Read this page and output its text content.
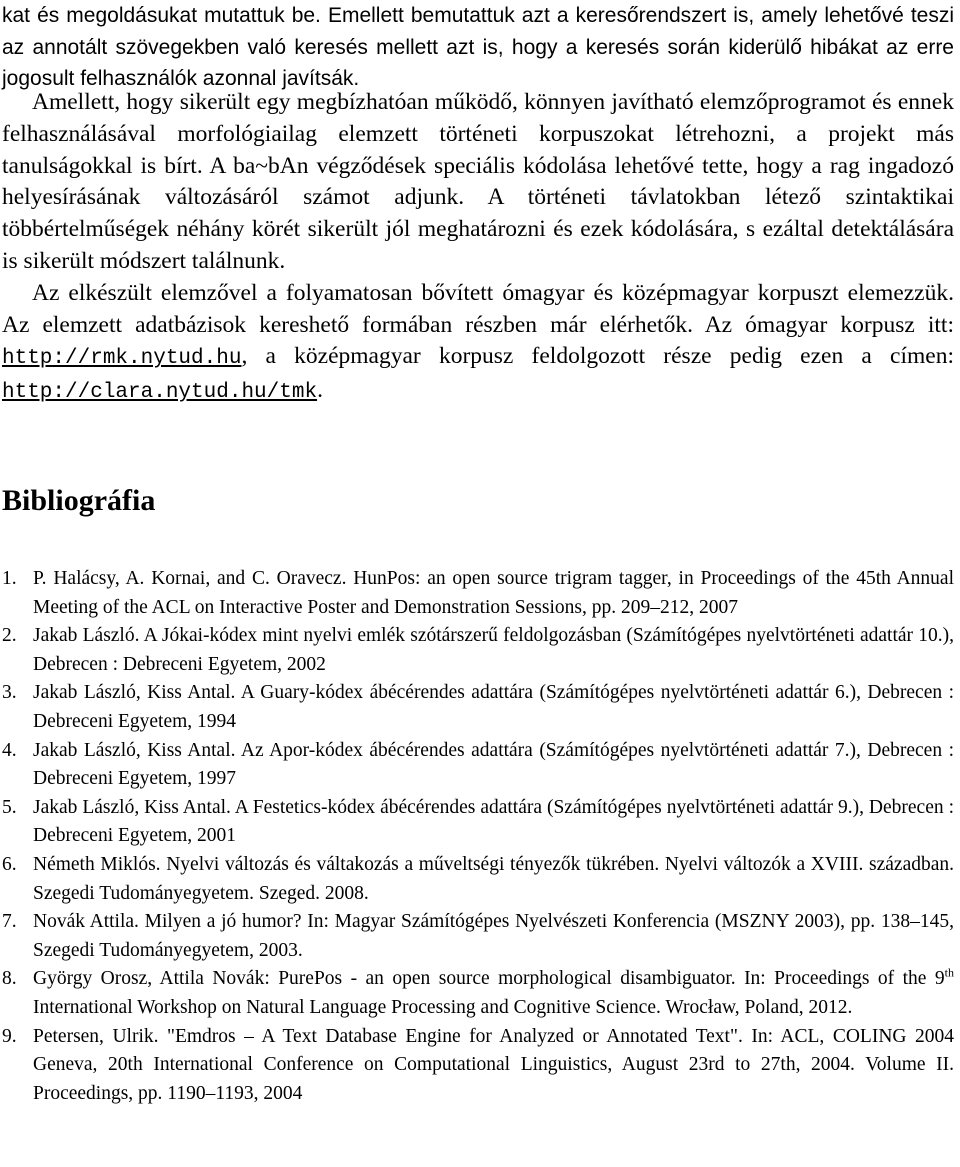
kat és megoldásukat mutattuk be. Emellett bemutattuk azt a keresőrendszert is, amely lehetővé teszi az annotált szövegekben való keresés mellett azt is, hogy a keresés során kiderülő hibákat az erre jogosult felhasználók azonnal javítsák.

Amellett, hogy sikerült egy megbízhatóan működő, könnyen javítható elemzőprogramot és ennek felhasználásával morfológiailag elemzett történeti korpuszokat létrehozni, a projekt más tanulságokkal is bírt. A ba~bAn végződések speciális kódolása lehetővé tette, hogy a rag ingadozó helyesírásának változásáról számot adjunk. A történeti távlatokban létező szintaktikai többértelműségek néhány körét sikerült jól meghatározni és ezek kódolására, s ezáltal detektálására is sikerült módszert találnunk.

Az elkészült elemzővel a folyamatosan bővített ómagyar és középmagyar korpuszt elemezzük. Az elemzett adatbázisok kereshető formában részben már elérhetők. Az ómagyar korpusz itt: http://rmk.nytud.hu, a középmagyar korpusz feldolgozott része pedig ezen a címen: http://clara.nytud.hu/tmk.

Bibliográfia
1. P. Halácsy, A. Kornai, and C. Oravecz. HunPos: an open source trigram tagger, in Proceedings of the 45th Annual Meeting of the ACL on Interactive Poster and Demonstration Sessions, pp. 209–212, 2007
2. Jakab László. A Jókai-kódex mint nyelvi emlék szótárszerű feldolgozásban (Számítógépes nyelvtörténeti adattár 10.), Debrecen : Debreceni Egyetem, 2002
3. Jakab László, Kiss Antal. A Guary-kódex ábécérendes adattára (Számítógépes nyelvtörténeti adattár 6.), Debrecen : Debreceni Egyetem, 1994
4. Jakab László, Kiss Antal. Az Apor-kódex ábécérendes adattára (Számítógépes nyelvtörténeti adattár 7.), Debrecen : Debreceni Egyetem, 1997
5. Jakab László, Kiss Antal. A Festetics-kódex ábécérendes adattára (Számítógépes nyelvtörténeti adattár 9.), Debrecen : Debreceni Egyetem, 2001
6. Németh Miklós. Nyelvi változás és váltakozás a műveltségi tényezők tükrében. Nyelvi változók a XVIII. században. Szegedi Tudományegyetem. Szeged. 2008.
7. Novák Attila. Milyen a jó humor? In: Magyar Számítógépes Nyelvészeti Konferencia (MSZNY 2003), pp. 138–145, Szegedi Tudományegyetem, 2003.
8. György Orosz, Attila Novák: PurePos - an open source morphological disambiguator. In: Proceedings of the 9th International Workshop on Natural Language Processing and Cognitive Science. Wrocław, Poland, 2012.
9. Petersen, Ulrik. "Emdros – A Text Database Engine for Analyzed or Annotated Text". In: ACL, COLING 2004 Geneva, 20th International Conference on Computational Linguistics, August 23rd to 27th, 2004. Volume II. Proceedings, pp. 1190–1193, 2004
